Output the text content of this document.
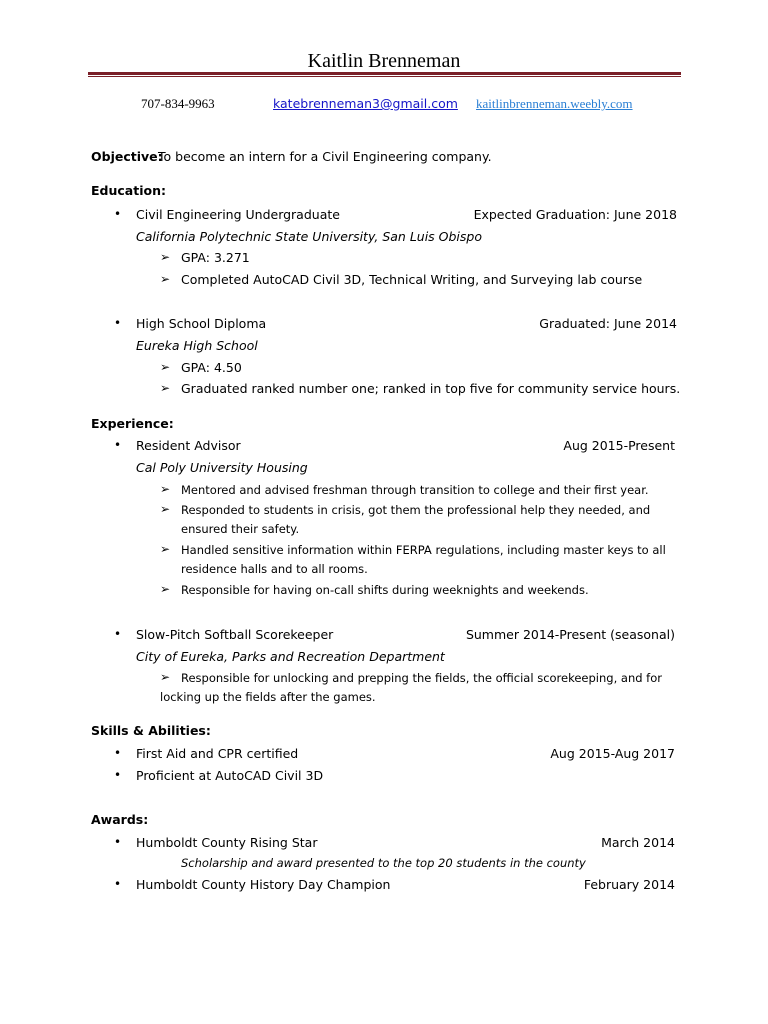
Kaitlin Brenneman
707-834-9963	katebrenneman3@gmail.com kaitlinbrenneman.weebly.com
Objective:
To become an intern for a Civil Engineering company.
Education:
• Civil Engineering Undergraduate	Expected Graduation: June 2018
California Polytechnic State University, San Luis Obispo
➢ GPA: 3.271
➢ Completed AutoCAD Civil 3D, Technical Writing, and Surveying lab course
• High School Diploma	Graduated: June 2014
Eureka High School
➢ GPA: 4.50
➢ Graduated ranked number one; ranked in top five for community service hours.
Experience:
• Resident Advisor	Aug 2015-Present
Cal Poly University Housing
➢ Mentored and advised freshman through transition to college and their first year.
➢ Responded to students in crisis, got them the professional help they needed, and
ensured their safety.
➢ Handled sensitive information within FERPA regulations, including master keys to all
residence halls and to all rooms.
➢ Responsible for having on-call shifts during weeknights and weekends.
• Slow-Pitch Softball Scorekeeper	Summer 2014-Present (seasonal)
City of Eureka, Parks and Recreation Department
➢ Responsible for unlocking and prepping the fields, the official scorekeeping, and for
locking up the fields after the games.
Skills & Abilities:
• First Aid and CPR certified	Aug 2015-Aug 2017
• Proficient at AutoCAD Civil 3D
Awards:
• Humboldt County Rising Star	March 2014
Scholarship and award presented to the top 20 students in the county
• Humboldt County History Day Champion	February 2014
